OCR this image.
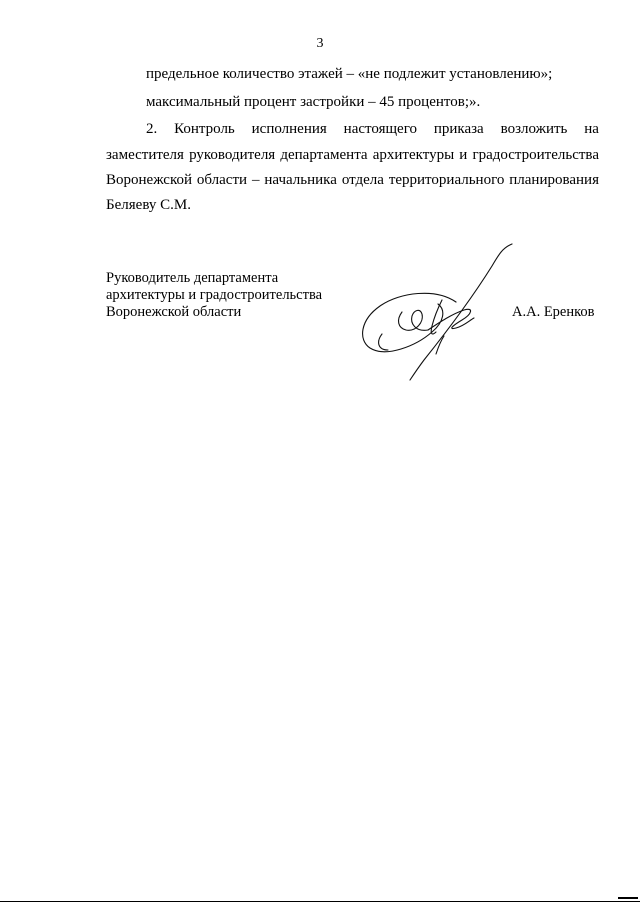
3
предельное количество этажей – «не подлежит установлению»;
максимальный процент застройки – 45 процентов;».
2. Контроль исполнения настоящего приказа возложить на
заместителя руководителя департамента архитектуры и градостроительства
Воронежской области – начальника отдела территориального планирования
Беляеву С.М.
Руководитель департамента
архитектуры и градостроительства
Воронежской области	А.А. Еренков
